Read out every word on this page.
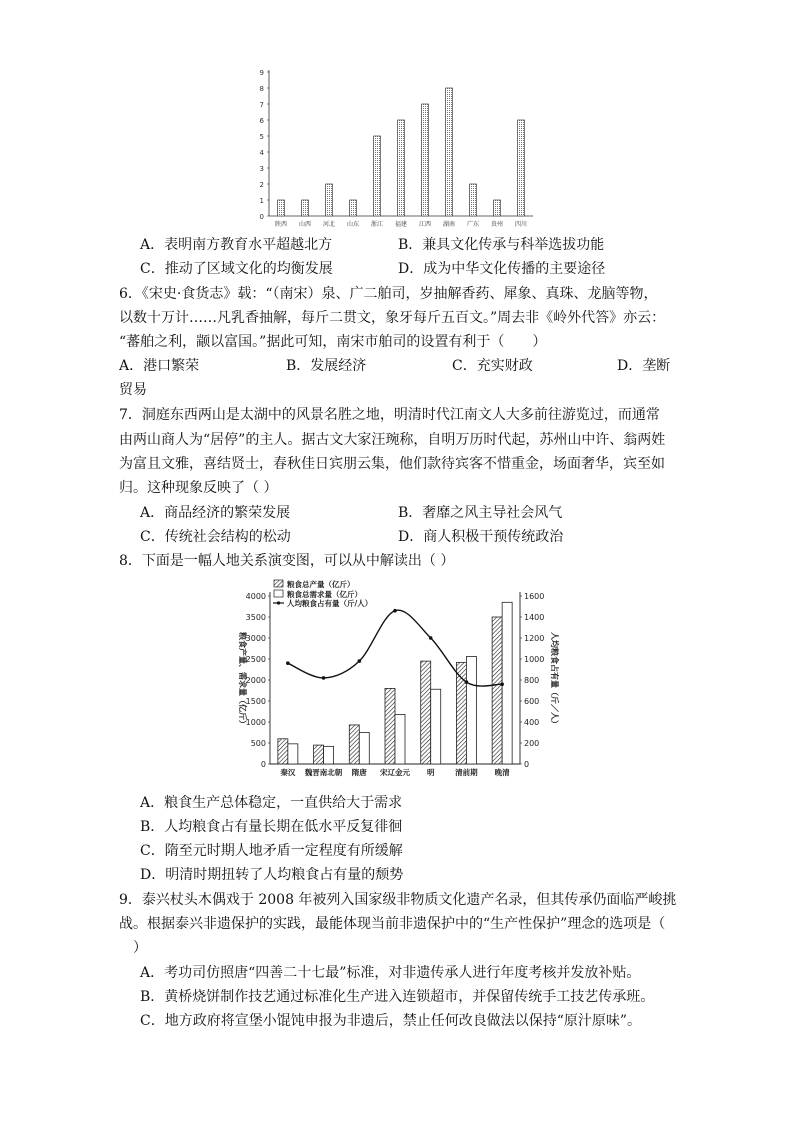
0
1
2
3
4
5
6
7
8
9
陕西 山西 河北 山东 浙江 福建 江西 湖南 广东 贵州 四川
A．表明南方教育水平超越北方	B．兼具文化传承与科举选拔功能
C．推动了区域文化的均衡发展	D．成为中华文化传播的主要途径
6．《宋史·食货志》载：“（南宋）泉、广二舶司，岁抽解香药、犀象、真珠、龙脑等物，
以数十万计……凡乳香抽解，每斤二贯文，象牙每斤五百文。”周去非《岭外代答》亦云：
“蕃舶之利，颛以富国。”据此可知，南宋市舶司的设置有利于（　　）
A．港口繁荣	B．发展经济	C．充实财政	D．垄断
贸易
7．洞庭东西两山是太湖中的风景名胜之地，明清时代江南文人大多前往游览过，而通常
由两山商人为“居停”的主人。据古文大家汪琬称，自明万历时代起，苏州山中许、翁两姓
为富且文雅，喜结贤士，春秋佳日宾朋云集，他们款待宾客不惜重金，场面奢华，宾至如
归。这种现象反映了（ ）
A．商品经济的繁荣发展	B．奢靡之风主导社会风气
C．传统社会结构的松动	D．商人积极干预传统政治
8．下面是一幅人地关系演变图，可以从中解读出（ ）
0
500
1000
1500
2000
2500
3000
3500
4000
0
200
400
600
800
1000
1200
1400
1600
粮食产量、需求量（亿斤）	人均粮食占有量（斤／人）
秦汉 魏晋南北朝 隋唐 宋辽金元 明	清前期 晚清
粮食总产量（亿斤）
粮食总需求量（亿斤）
人均粮食占有量（斤/人）
A．粮食生产总体稳定，一直供给大于需求
B．人均粮食占有量长期在低水平反复徘徊
C．隋至元时期人地矛盾一定程度有所缓解
D．明清时期扭转了人均粮食占有量的颓势
9．泰兴杖头木偶戏于 2008 年被列入国家级非物质文化遗产名录，但其传承仍面临严峻挑
战。根据泰兴非遗保护的实践，最能体现当前非遗保护中的“生产性保护”理念的选项是（
　）
A．考功司仿照唐“四善二十七最”标准，对非遗传承人进行年度考核并发放补贴。
B．黄桥烧饼制作技艺通过标准化生产进入连锁超市，并保留传统手工技艺传承班。
C．地方政府将宣堡小馄饨申报为非遗后，禁止任何改良做法以保持“原汁原味”。
